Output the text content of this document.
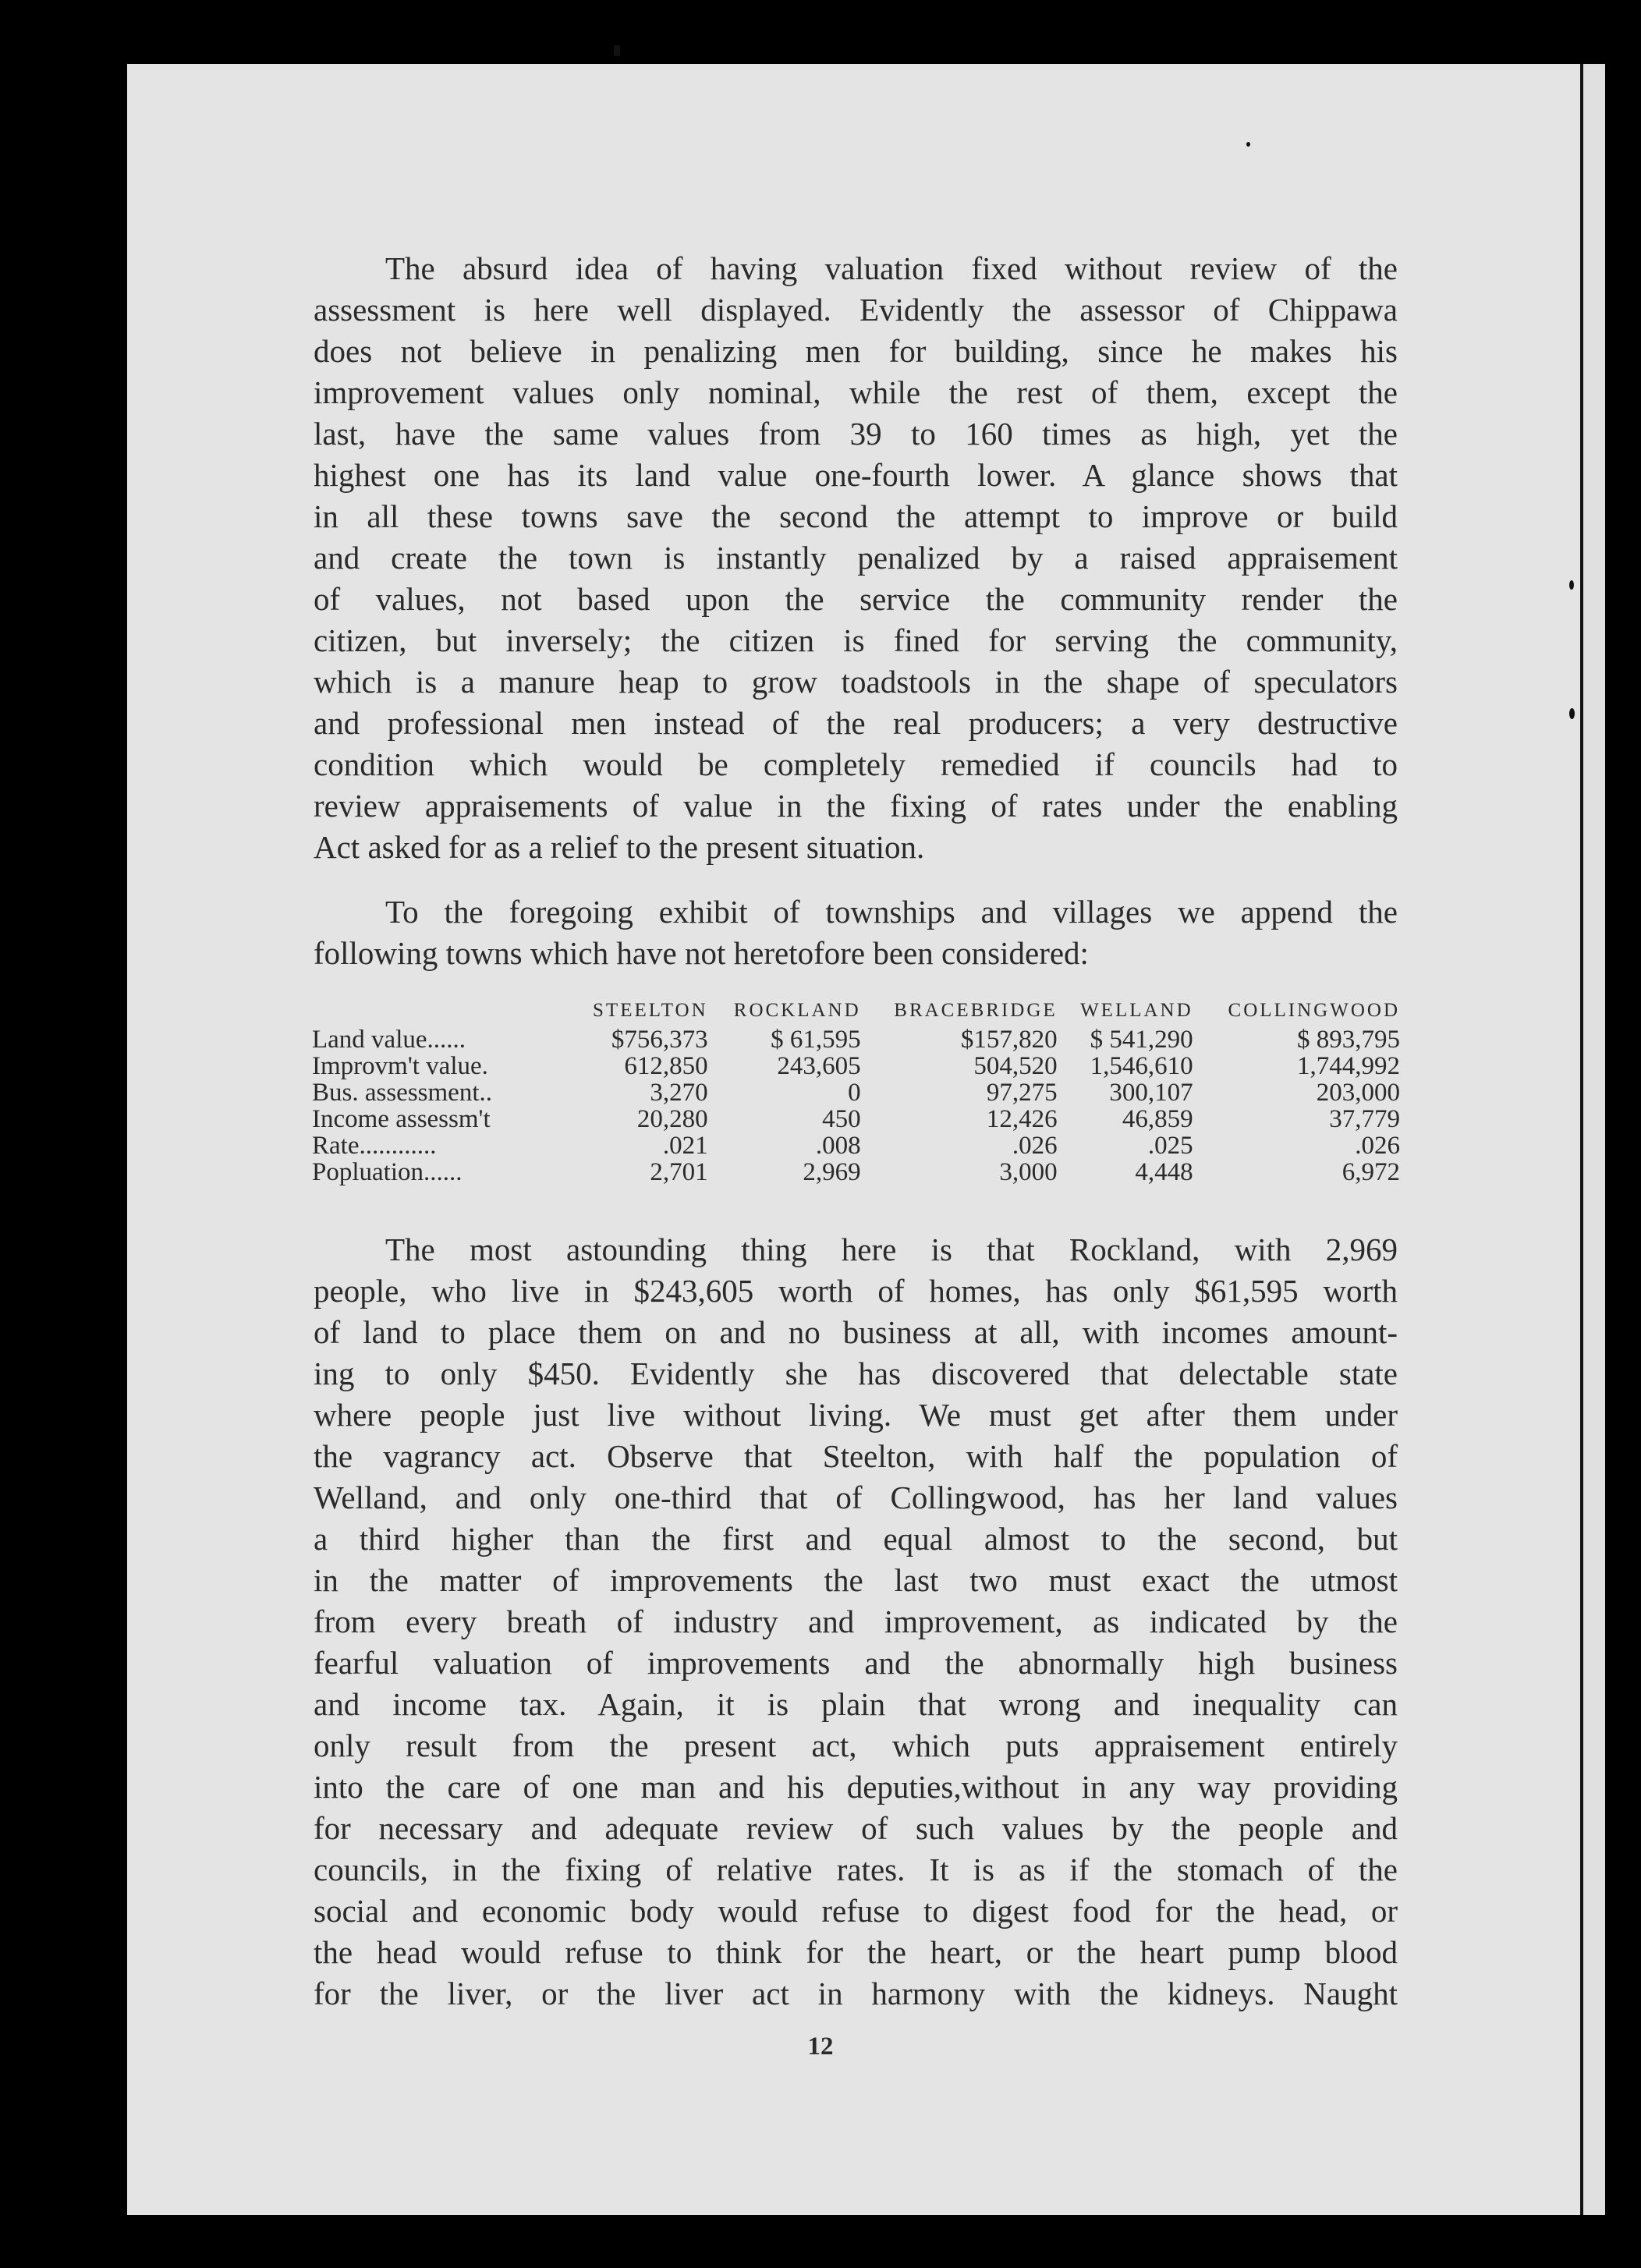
The absurd idea of having valuation fixed without review of the
assessment is here well displayed. Evidently the assessor of Chippawa
does not believe in penalizing men for building, since he makes his
improvement values only nominal, while the rest of them, except the
last, have the same values from 39 to 160 times as high, yet the
highest one has its land value one-fourth lower. A glance shows that
in all these towns save the second the attempt to improve or build
and create the town is instantly penalized by a raised appraisement
of values, not based upon the service the community render the
citizen, but inversely; the citizen is fined for serving the community,
which is a manure heap to grow toadstools in the shape of speculators
and professional men instead of the real producers; a very destructive
condition which would be completely remedied if councils had to
review appraisements of value in the fixing of rates under the enabling
Act asked for as a relief to the present situation.
To the foregoing exhibit of townships and villages we append the
following towns which have not heretofore been considered:
	STEELTON	ROCKLAND	BRACEBRIDGE	WELLAND	COLLINGWOOD
Land value......	$756,373	$ 61,595	$157,820	$ 541,290	$ 893,795
Improvm't value.	612,850	243,605	504,520	1,546,610	1,744,992
Bus. assessment..	3,270	0	97,275	300,107	203,000
Income assessm't	20,280	450	12,426	46,859	37,779
Rate............	.021	.008	.026	.025	.026
Popluation......	2,701	2,969	3,000	4,448	6,972
The most astounding thing here is that Rockland, with 2,969
people, who live in $243,605 worth of homes, has only $61,595 worth
of land to place them on and no business at all, with incomes amount-
ing to only $450. Evidently she has discovered that delectable state
where people just live without living. We must get after them under
the vagrancy act. Observe that Steelton, with half the population of
Welland, and only one-third that of Collingwood, has her land values
a third higher than the first and equal almost to the second, but
in the matter of improvements the last two must exact the utmost
from every breath of industry and improvement, as indicated by the
fearful valuation of improvements and the abnormally high business
and income tax. Again, it is plain that wrong and inequality can
only result from the present act, which puts appraisement entirely
into the care of one man and his deputies,without in any way providing
for necessary and adequate review of such values by the people and
councils, in the fixing of relative rates. It is as if the stomach of the
social and economic body would refuse to digest food for the head, or
the head would refuse to think for the heart, or the heart pump blood
for the liver, or the liver act in harmony with the kidneys. Naught
12
